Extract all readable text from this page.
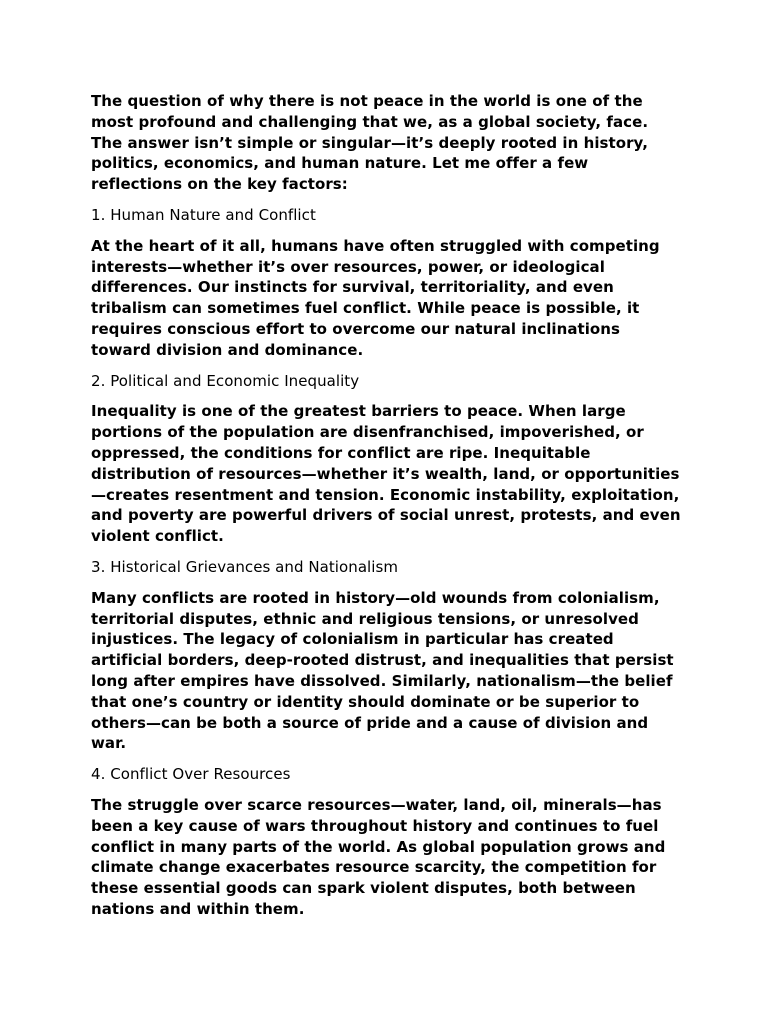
The question of why there is not peace in the world is one of the most profound and challenging that we, as a global society, face. The answer isn’t simple or singular—it’s deeply rooted in history, politics, economics, and human nature. Let me offer a few reflections on the key factors:

1. Human Nature and Conflict

At the heart of it all, humans have often struggled with competing interests—whether it’s over resources, power, or ideological differences. Our instincts for survival, territoriality, and even tribalism can sometimes fuel conflict. While peace is possible, it requires conscious effort to overcome our natural inclinations toward division and dominance.

2. Political and Economic Inequality

Inequality is one of the greatest barriers to peace. When large portions of the population are disenfranchised, impoverished, or oppressed, the conditions for conflict are ripe. Inequitable distribution of resources—whether it’s wealth, land, or opportunities—creates resentment and tension. Economic instability, exploitation, and poverty are powerful drivers of social unrest, protests, and even violent conflict.

3. Historical Grievances and Nationalism

Many conflicts are rooted in history—old wounds from colonialism, territorial disputes, ethnic and religious tensions, or unresolved injustices. The legacy of colonialism in particular has created artificial borders, deep-rooted distrust, and inequalities that persist long after empires have dissolved. Similarly, nationalism—the belief that one’s country or identity should dominate or be superior to others—can be both a source of pride and a cause of division and war.

4. Conflict Over Resources

The struggle over scarce resources—water, land, oil, minerals—has been a key cause of wars throughout history and continues to fuel conflict in many parts of the world. As global population grows and climate change exacerbates resource scarcity, the competition for these essential goods can spark violent disputes, both between nations and within them.
